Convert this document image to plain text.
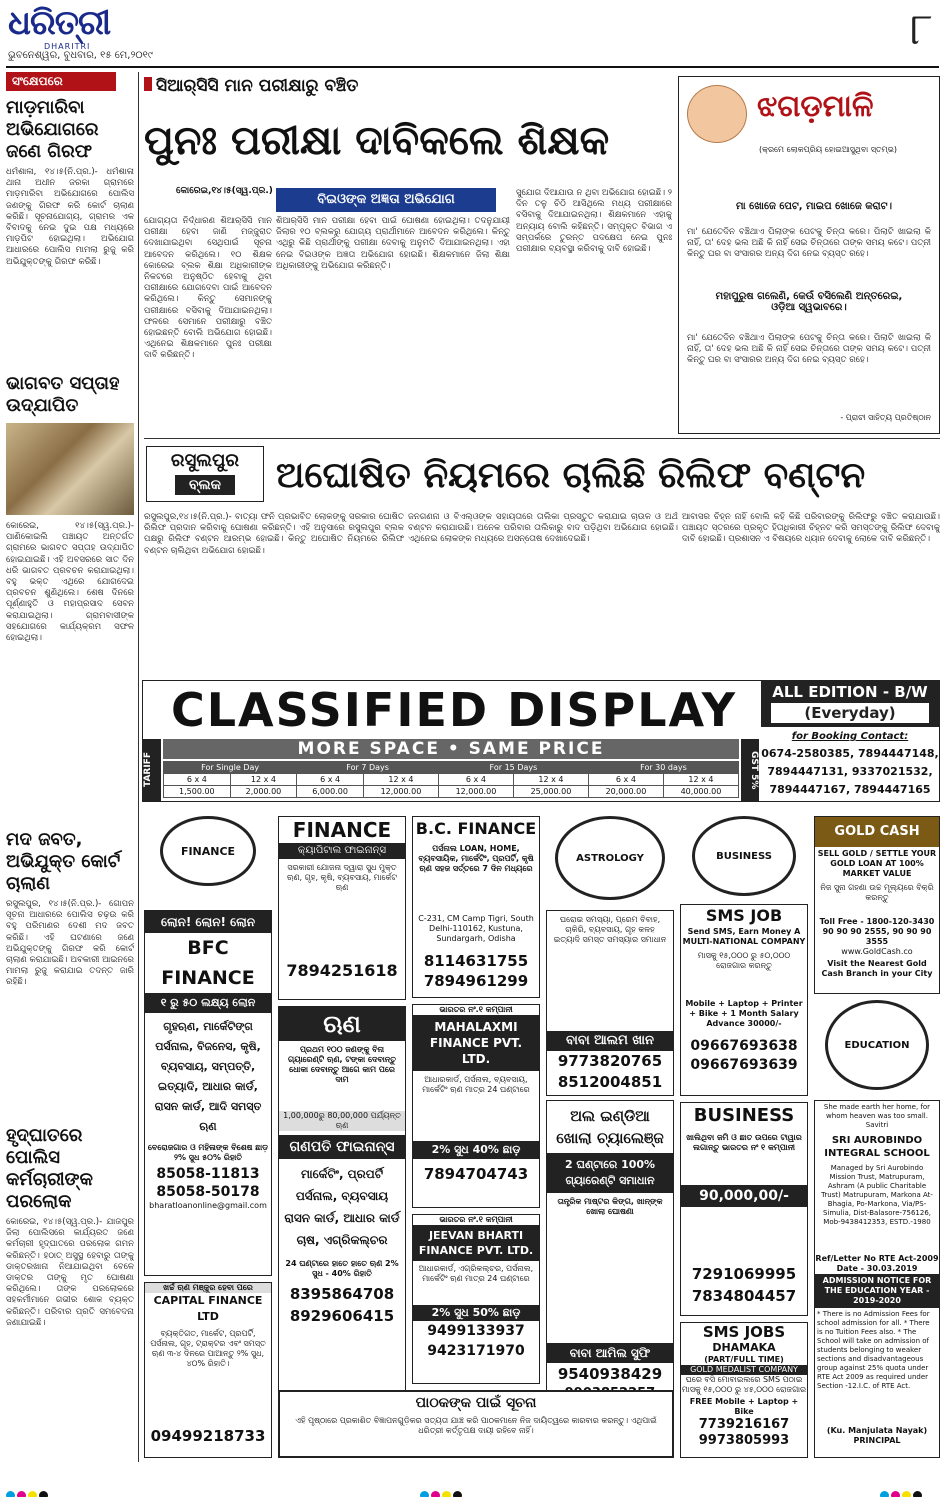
ଧରିତ୍ରୀ
DHARITRI
ଭୁବନେଶ୍ୱର, ବୁଧବାର, ୧୫ ମେ,୨୦୧୯
୮
ସଂକ୍ଷେପରେ
ମାଡ଼ମାରିବା ଅଭିଯୋଗରେ ଜଣେ ଗିରଫ
ଧର୍ମଶାଳା, ୧୪।୫(ନି.ପ୍ର.)- ଧର୍ମଶାଳା ଥାନା ଅଧୀନ ଜରକା ଗ୍ରାମରେ ମାଡ଼ମାରିବା ଅଭିଯୋଗରେ ପୋଲିସ ଜଣଙ୍କୁ ଗିରଫ କରି କୋର୍ଟ ଚାଲାଣ କରିଛି। ସୂଚନାଯୋଗ୍ୟ, ଗ୍ରାମର ଏକ ବିବାଦକୁ ନେଇ ଦୁଇ ପକ୍ଷ ମଧ୍ୟରେ ମାଡ଼ପିଟ ହୋଇଥିଲା। ଅଭିଯୋଗ ଆଧାରରେ ପୋଲିସ ମାମଲା ରୁଜୁ କରି ଅଭିଯୁକ୍ତଙ୍କୁ ଗିରଫ କରିଛି।
ଭାଗବତ ସପ୍ତାହ ଉଦ୍‌ଯାପିତ
କୋରେଇ, ୧୪।୫(ସ୍ୱ.ପ୍ର.)- ପାଣିକୋଇଲି ପଞ୍ଚାୟତ ଅନ୍ତର୍ଗତ ଗ୍ରାମରେ ଭାଗବତ ସପ୍ତାହ ଉଦ୍‌ଯାପିତ ହୋଇଯାଇଛି। ଏହି ଅବସରରେ ସାତ ଦିନ ଧରି ଭାଗବତ ପ୍ରବଚନ କରାଯାଇଥିଲା। ବହୁ ଭକ୍ତ ଏଥିରେ ଯୋଗଦେଇ ପ୍ରବଚନ ଶୁଣିଥିଲେ। ଶେଷ ଦିନରେ ପୂର୍ଣ୍ଣାହୁତି ଓ ମହାପ୍ରସାଦ ସେବନ କରାଯାଇଥିଲା। ଗ୍ରାମବାସୀଙ୍କ ସହଯୋଗରେ କାର୍ଯ୍ୟକ୍ରମ ସଫଳ ହୋଇଥିଲା।
ମଦ ଜବତ, ଅଭିଯୁକ୍ତ କୋର୍ଟ ଚାଲାଣ
ରସୁଲପୁର, ୧୪।୫(ନି.ପ୍ର.)- ଗୋପନ ସୂଚନା ଆଧାରରେ ପୋଲିସ ଚଢ଼ଉ କରି ବହୁ ପରିମାଣର ଦେଶୀ ମଦ ଜବତ କରିଛି। ଏହି ଘଟଣାରେ ଜଣେ ଅଭିଯୁକ୍ତଙ୍କୁ ଗିରଫ କରି କୋର୍ଟ ଚାଲାଣ କରାଯାଇଛି। ଅବକାରୀ ଆଇନରେ ମାମଲା ରୁଜୁ କରାଯାଇ ତଦନ୍ତ ଜାରି ରହିଛି।
ହୃଦ୍‌ଘାତରେ ପୋଲିସ କର୍ମଚାରୀଙ୍କ ପରଲୋକ
କୋରେଇ, ୧୪।୫(ସ୍ୱ.ପ୍ର.)- ଯାଜପୁର ଜିଲା ପୋଲିସରେ କାର୍ଯ୍ୟରତ ଜଣେ କର୍ମଚାରୀ ହୃଦ୍‌ଘାତରେ ପରଲୋକ ଗମନ କରିଛନ୍ତି। ହଠାତ୍ ଅସୁସ୍ଥ ହେବାରୁ ତାଙ୍କୁ ଡାକ୍ତରଖାନା ନିଆଯାଇଥିବା ବେଳେ ଡାକ୍ତର ତାଙ୍କୁ ମୃତ ଘୋଷଣା କରିଥିଲେ। ତାଙ୍କ ପରଲୋକରେ ସହକର୍ମୀମାନେ ଗଭୀର ଶୋକ ବ୍ୟକ୍ତ କରିଛନ୍ତି। ପରିବାର ପ୍ରତି ସମବେଦନା ଜଣାଯାଇଛି।
ସିଆର୍‌ସିସି ମାନ ପରୀକ୍ଷାରୁ ବଞ୍ଚିତ
ପୁନଃ ପରୀକ୍ଷା ଦାବିକଲେ ଶିକ୍ଷକ
କୋରେଇ,୧୪।୫(ସ୍ୱ.ପ୍ର.)
ବିଇଓଙ୍କ ଅଜ୍ଞତା ଅଭିଯୋଗ
ଯୋଗ୍ୟତା ନିର୍ଦ୍ଧାରଣ ଶିଆର୍‌ସିସି ମାନ ପରୀକ୍ଷା ହେବା ଜାଣି ମଜ୍ଜୁରାତ ଦେଖାଯାଇଥିବା ସେଥିପାଇଁ ସୂଚନା ଆବେଦନ କରିଥିଲେ। ୧୦ ଶିକ୍ଷକ କୋରେଇ ବ୍ଲକ ଶିକ୍ଷା ଅଧିକାରୀଙ୍କ ନିକଟରେ ଅନୁଷ୍ଠିତ ହେବାକୁ ଥିବା ପରୀକ୍ଷାରେ ଯୋଗଦେବା ପାଇଁ ଆବେଦନ କରିଥିଲେ। କିନ୍ତୁ ସେମାନଙ୍କୁ ପରୀକ୍ଷାରେ ବସିବାକୁ ଦିଆଯାଇନଥିଲା। ଫଳରେ ସେମାନେ ପରୀକ୍ଷାରୁ ବଞ୍ଚିତ ହୋଇଛନ୍ତି ବୋଲି ଅଭିଯୋଗ ହୋଇଛି। ଏଥିନେଇ ଶିକ୍ଷକମାନେ ପୁନଃ ପରୀକ୍ଷା ଦାବି କରିଛନ୍ତି।
ଶିଆର୍‌ସିସି ମାନ ପରୀକ୍ଷା ହେବା ପାଇଁ ଘୋଷଣା ହୋଇଥିଲା। ତଦନୁଯାୟୀ ଜିଲାର ୧୦ ବ୍ଲକରୁ ଯୋଗ୍ୟ ପ୍ରାର୍ଥୀମାନେ ଆବେଦନ କରିଥିଲେ। କିନ୍ତୁ ଏଥିରୁ କିଛି ପ୍ରାର୍ଥୀଙ୍କୁ ପରୀକ୍ଷା ଦେବାକୁ ଅନୁମତି ଦିଆଯାଇନଥିଲା। ଏହା ନେଇ ବିଇଓଙ୍କ ଅଜ୍ଞତା ଅଭିଯୋଗ ହୋଇଛି। ଶିକ୍ଷକମାନେ ଜିଲା ଶିକ୍ଷା ଅଧିକାରୀଙ୍କୁ ଅଭିଯୋଗ କରିଛନ୍ତି।
ସୁଯୋଗ ଦିଆଯାଉ ନ ଥିବା ଅଭିଯୋଗ ହୋଇଛି। ୨ ଦିନ ତଳୁ ଚିଠି ଆସିଥିଲେ ମଧ୍ୟ ପରୀକ୍ଷାରେ ବସିବାକୁ ଦିଆଯାଇନଥିଲା। ଶିକ୍ଷକମାନେ ଏହାକୁ ଅନ୍ୟାୟ ବୋଲି କହିଛନ୍ତି। ସମ୍ପୃକ୍ତ ବିଭାଗ ଏ ସମ୍ପର୍କରେ ତୁରନ୍ତ ପଦକ୍ଷେପ ନେଇ ପୁନଃ ପରୀକ୍ଷାର ବ୍ୟବସ୍ଥା କରିବାକୁ ଦାବି ହୋଇଛି।
ଝଗଡ଼ମାଳି
(କ୍ରମେ ଲୋକପ୍ରିୟ ହୋଇଆସୁଥିବା ସ୍ତମ୍ଭ)
ମା ଖୋଜେ ପେଟ, ମାଇପ ଖୋଜେ କରାଟ।
ମା' ଯେତେଦିନ ବଞ୍ଚିଥାଏ ପିଲାଙ୍କ ପେଟକୁ ଚିନ୍ତା କରେ। ପିଲାଟି ଖାଇଲା କି ନାହିଁ, ତା' ଦେହ ଭଲ ଅଛି କି ନାହିଁ ସେଇ ଚିନ୍ତାରେ ତାଙ୍କ ସମୟ କଟେ। ପତ୍ନୀ କିନ୍ତୁ ଘର ବା ସଂସାରର ଅନ୍ୟ ଦିଗ ନେଇ ବ୍ୟସ୍ତ ରହେ।
ମହାପୁରୁଷ ଗଲେଣି, କେଉଁ ବସିଲେଣି ଅନ୍ତରେଇ, ଓଡ଼ିଆ ସ୍ୱଭାବରେ।
ମା' ଯେତେଦିନ ବଞ୍ଚିଥାଏ ପିଲାଙ୍କ ପେଟକୁ ଚିନ୍ତା କରେ। ପିଲାଟି ଖାଇଲା କି ନାହିଁ, ତା' ଦେହ ଭଲ ଅଛି କି ନାହିଁ ସେଇ ଚିନ୍ତାରେ ତାଙ୍କ ସମୟ କଟେ। ପତ୍ନୀ କିନ୍ତୁ ଘର ବା ସଂସାରର ଅନ୍ୟ ଦିଗ ନେଇ ବ୍ୟସ୍ତ ରହେ।
- ପ୍ରାଚୀ ସାହିତ୍ୟ ପ୍ରତିଷ୍ଠାନ
ରସୁଲପୁର
ବ୍ଲକ	ଅଘୋଷିତ ନିୟମରେ ଚାଲିଛି ରିଲିଫ ବଣ୍ଟନ
ରସୁଲପୁର,୧୪।୫(ନି.ପ୍ର.)- ବାତ୍ୟା ଫନି ପ୍ରଭାବିତ ଲୋକଙ୍କୁ ସରକାର ଘୋଷିତ ରିଲିଫ ପ୍ରଦାନ କରିବାକୁ ଘୋଷଣା କରିଛନ୍ତି। ଏହି ଅନୁସାରେ ରସୁଲପୁର ବ୍ଲକ ପକ୍ଷରୁ ରିଲିଫ ବଣ୍ଟନ ଆରମ୍ଭ ହୋଇଛି। କିନ୍ତୁ ଅଘୋଷିତ ନିୟମରେ ରିଲିଫ ବଣ୍ଟନ ଚାଲିଥିବା ଅଭିଯୋଗ ହୋଇଛି।
ଜନଗଣନା ଓ ବିଏଲ୍‌ଓଙ୍କ ସହାୟତାରେ ତାଲିକା ପ୍ରସ୍ତୁତ କରାଯାଇ ଚାଉଳ ଓ ଅର୍ଥ ବଣ୍ଟନ କରାଯାଉଛି। ଅନେକ ପରିବାର ତାଲିକାରୁ ବାଦ ପଡ଼ିଥିବା ଅଭିଯୋଗ ହୋଇଛି। ଏଥିନେଇ ଲୋକଙ୍କ ମଧ୍ୟରେ ଅସନ୍ତୋଷ ଦେଖାଦେଇଛି।
ଆବାସର ଚିହ୍ନ ନାହିଁ ବୋଲି କହି କିଛି ପରିବାରଙ୍କୁ ରିଲିଫରୁ ବଞ୍ଚିତ କରାଯାଉଛି। ପଞ୍ଚାୟତ ସ୍ତରରେ ପ୍ରକୃତ ହିତାଧିକାରୀ ଚିହ୍ନଟ କରି ସମସ୍ତଙ୍କୁ ରିଲିଫ ଦେବାକୁ ଦାବି ହୋଇଛି। ପ୍ରଶାସନ ଏ ବିଷୟରେ ଧ୍ୟାନ ଦେବାକୁ ଲୋକେ ଦାବି କରିଛନ୍ତି।
CLASSIFIED DISPLAY
TARIFF
MORE SPACE • SAME PRICE
GST 5%
For Single Day		For 7 Days		For 15 Days		For 30 days	
6 x 4	12 x 4	6 x 4	12 x 4	6 x 4	12 x 4	6 x 4	12 x 4
1,500.00	2,000.00	6,000.00	12,000.00	12,000.00	25,000.00	20,000.00	40,000.00
ALL EDITION - B/W
(Everyday)
for Booking Contact:
0674-2580385, 7894447148,
7894447131, 9337021532,
7894447167, 7894447165
FINANCE
ଲୋନ! ଲୋନ! ଲୋନ
BFC FINANCE
୧ ରୁ ୫୦ ଲକ୍ଷ୍ୟ ଲୋନ
ଗୃହଋଣ, ମାର୍କେଟିଙ୍ଗ ପର୍ସନାଲ, ବିଜନେସ, କୃଷି, ବ୍ୟବସାୟ, ସମ୍ପତ୍ତି, ଇତ୍ୟାଦି, ଆଧାର କାର୍ଡ, ରାସନ କାର୍ଡ, ଆଦି ସମସ୍ତ ଋଣ
ବେରୋଜଗାର ଓ ମହିଳାଙ୍କ ବିଶେଷ ଛାଡ଼ ୨% ସୁଧ ୫୦% ରିହାତି
85058-11813
85058-50178
bharatloanonline@gmail.com
ଖର୍ଚ୍ଚ ଋଣ ମଞ୍ଜୁର ହେବା ପରେ
CAPITAL FINANCE LTD
ବ୍ୟକ୍ତିଗତ, ମାର୍କେଟ, ପ୍ରପର୍ଟି, ପର୍ସନାଲ, ଗୃହ, ଟ୍ରାକ୍ଟର ଏବଂ ସମସ୍ତ ଋଣ ୩-୪ ଦିନରେ ପାଆନ୍ତୁ ୨% ସୁଧ, ୪୦% ରିହାତି।
09499218733
FINANCE
କ୍ୟାପିଟାଲ ଫାଇନାନ୍ସ
ସରକାରୀ ଯୋଜନା ଦ୍ୱାରା ସୁଧ ମୁକ୍ତ ଋଣ, ଗୃହ, କୃଷି, ବ୍ୟବସାୟ, ମାର୍କେଟ ଋଣ
7894251618
ଋଣ
ପ୍ରଥମ ୧୦୦ ଜଣଙ୍କୁ ବିନା ଗ୍ୟାରେଣ୍ଟି ଋଣ, ଟଙ୍କା ଦେବାନ୍ତୁ ଧୋକା ଦେବାନ୍ତୁ ଆଗେ କାମ ପରେ ଦାମ
1,00,000ରୁ 80,00,000 ପର୍ଯ୍ୟନ୍ତ ଋଣ
ଗଣପତି ଫାଇନାନ୍ସ
ମାର୍କେଟିଂ, ପ୍ରପର୍ଟି ପର୍ସନାଲ, ବ୍ୟବସାୟ ରାସନ କାର୍ଡ, ଆଧାର କାର୍ଡ ଚାଷ, ଏଗ୍ରିକଲ୍ଚର
24 ଘଣ୍ଟାରେ ହାତେ ହାତେ ଋଣ 2% ସୁଧ - 40% ରିହାତି
8395864708
8929606415
B.C. FINANCE
ପର୍ସନାଲ LOAN, HOME, ବ୍ୟବସାୟିକ, ମାର୍କେଟିଂ, ପ୍ରପର୍ଟି, କୃଷି ଋଣ ସହଜ ସର୍ତ୍ତରେ 7 ଦିନ ମଧ୍ୟରେ
C-231, CM Camp Tigri, South Delhi-110162, Kustuna, Sundargarh, Odisha
8114631755
7894961299
ଭାରତର ନଂ.୧ କମ୍ପାନୀ
MAHALAXMI FINANCE PVT. LTD.
ଆଧାରକାର୍ଡ, ପର୍ସନାଲ, ବ୍ୟବସାୟ, ମାର୍କେଟିଂ ଋଣ ମାତ୍ର 24 ଘଣ୍ଟାରେ
2% ସୁଧ 40% ଛାଡ଼
7894704743
ଭାରତର ନଂ.୧ କମ୍ପାନୀ
JEEVAN BHARTI FINANCE PVT. LTD.
ଆଧାରକାର୍ଡ, ଏଗ୍ରିକଲ୍ଚର, ପର୍ସନାଲ, ମାର୍କେଟିଂ ଋଣ ମାତ୍ର 24 ଘଣ୍ଟାରେ
2% ସୁଧ 50% ଛାଡ଼
9499133937
9423171970
ASTROLOGY
ଘରୋଇ ସମସ୍ୟା, ପ୍ରେମ ବିବାହ, ଚାକିରି, ବ୍ୟବସାୟ, ଗୃହ କଳହ ଇତ୍ୟାଦି ସମସ୍ତ ସମସ୍ୟାର ସମାଧାନ
ବାବା ଆଲମ ଖାନ
9773820765
8512004851
ଅଲ ଇଣ୍ଡିଆ ଖୋଲା ଚ୍ୟାଲେଞ୍ଜ
2 ଘଣ୍ଟାରେ 100% ଗ୍ୟାରେଣ୍ଟି ସମାଧାନ
ତାନ୍ତ୍ରିକ ମାଷ୍ଟର କିଙ୍ଗ, ଖାନ୍‌ଙ୍କ ଖୋଲା ଘୋଷଣା
ବାବା ଆମିଲ ସୁଫି
9540938429
BUSINESS
SMS JOB
Send SMS, Earn Money A MULTI-NATIONAL COMPANY
ମାସକୁ ୧୫,୦୦୦ ରୁ ୫୦,୦୦୦ ରୋଜଗାର କରନ୍ତୁ
Mobile + Laptop + Printer + Bike + 1 Month Salary Advance 30000/-
09667693638
09667693639
BUSINESS
ଖାଲିଥିବା ଜମି ଓ ଛାତ ଉପରେ ଟାୱାର ଲଗାନ୍ତୁ ଭାରତର ନଂ ୧ କମ୍ପାନୀ
90,000,00/-
7291069995
7834804457
SMS JOBS
DHAMAKA
(PART/FULL TIME)
GOLD MEDALIST COMPANY
ଘରେ ବସି ମୋବାଇଲରେ SMS ପଠାଇ ମାସକୁ ୧୫,୦୦୦ ରୁ ୪୫,୦୦୦ ରୋଜଗାର
FREE Mobile + Laptop + Bike
7739216167
9973805993
GOLD CASH
SELL GOLD / SETTLE YOUR GOLD LOAN AT 100% MARKET VALUE
ନିଜ ସୁନା ଗହଣା ଉଚ୍ଚ ମୂଲ୍ୟରେ ବିକ୍ରି କରନ୍ତୁ
Toll Free - 1800-120-3430
90 90 90 2555, 90 90 90 3555
www.GoldCash.co
Visit the Nearest Gold Cash Branch in your City
EDUCATION
She made earth her home, for whom heaven was too small. Savitri
SRI AUROBINDO INTEGRAL SCHOOL
Managed by Sri Aurobindo Mission Trust, Matrupuram, Ashram (A public Charitable Trust) Matrupuram, Markona At-Bhagia, Po-Markona, Via/PS-Simulia, Dist-Balasore-756126, Mob-9438412353, ESTD.-1980
Ref/Letter No RTE Act-2009 Date - 30.03.2019
ADMISSION NOTICE FOR THE EDUCATION YEAR - 2019-2020
* There is no Admission Fees for school admission for all. * There is no Tuition Fees also. * The School will take on admission of students belonging to weaker sections and disadvantageous group against 25% quota under RTE Act 2009 as required under Section -12.I.C. of RTE Act.
(Ku. Manjulata Nayak) PRINCIPAL
ପାଠକଙ୍କ ପାଇଁ ସୂଚନା
ଏହି ପୃଷ୍ଠାରେ ପ୍ରକାଶିତ ବିଜ୍ଞାପନଗୁଡ଼ିକର ସତ୍ୟତା ଯାଞ୍ଚ କରି ପାଠକମାନେ ନିଜ ଦାୟିତ୍ୱରେ କାରବାର କରନ୍ତୁ। ଏଥିପାଇଁ ଧରିତ୍ରୀ କର୍ତ୍ତୃପକ୍ଷ ଦାୟୀ ରହିବେ ନାହିଁ।
